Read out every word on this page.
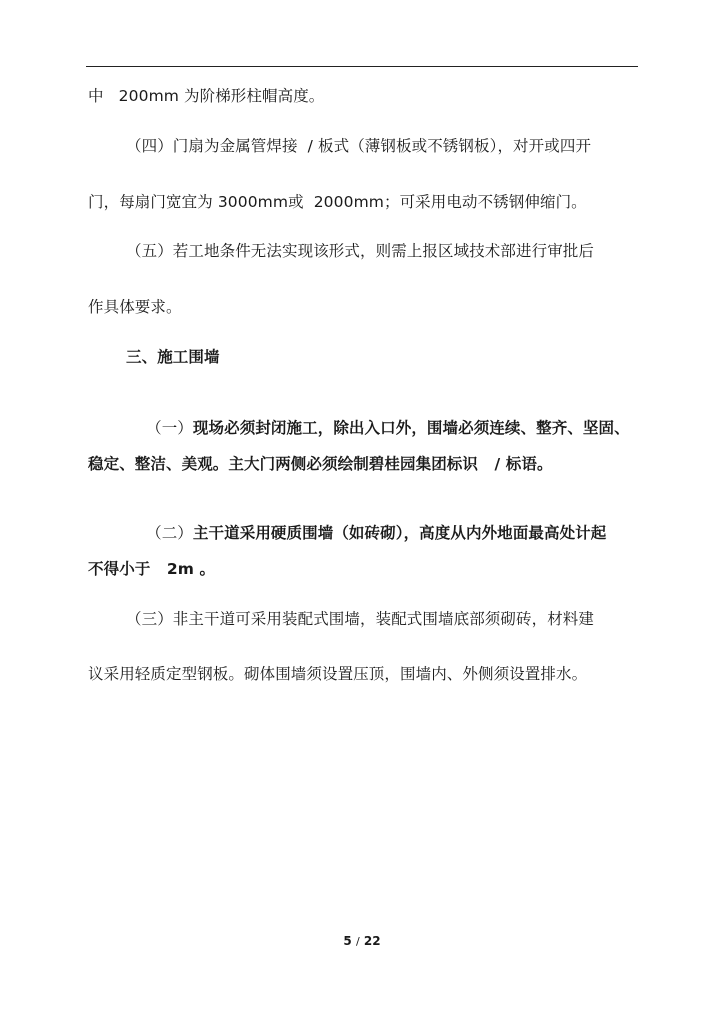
中   200mm 为阶梯形柱帽高度。
（四）门扇为金属管焊接  / 板式（薄钢板或不锈钢板），对开或四开
门，每扇门宽宜为 3000mm或  2000mm；可采用电动不锈钢伸缩门。
（五）若工地条件无法实现该形式，则需上报区域技术部进行审批后
作具体要求。
三、施工围墙

（一）现场必须封闭施工，除出入口外，围墙必须连续、整齐、坚固、

稳定、整洁、美观。主大门两侧必须绘制碧桂园集团标识   / 标语。

（二）主干道采用硬质围墙（如砖砌），高度从内外地面最高处计起

不得小于   2m 。
（三）非主干道可采用装配式围墙，装配式围墙底部须砌砖，材料建
议采用轻质定型钢板。砌体围墙须设置压顶，围墙内、外侧须设置排水。
5 / 22
